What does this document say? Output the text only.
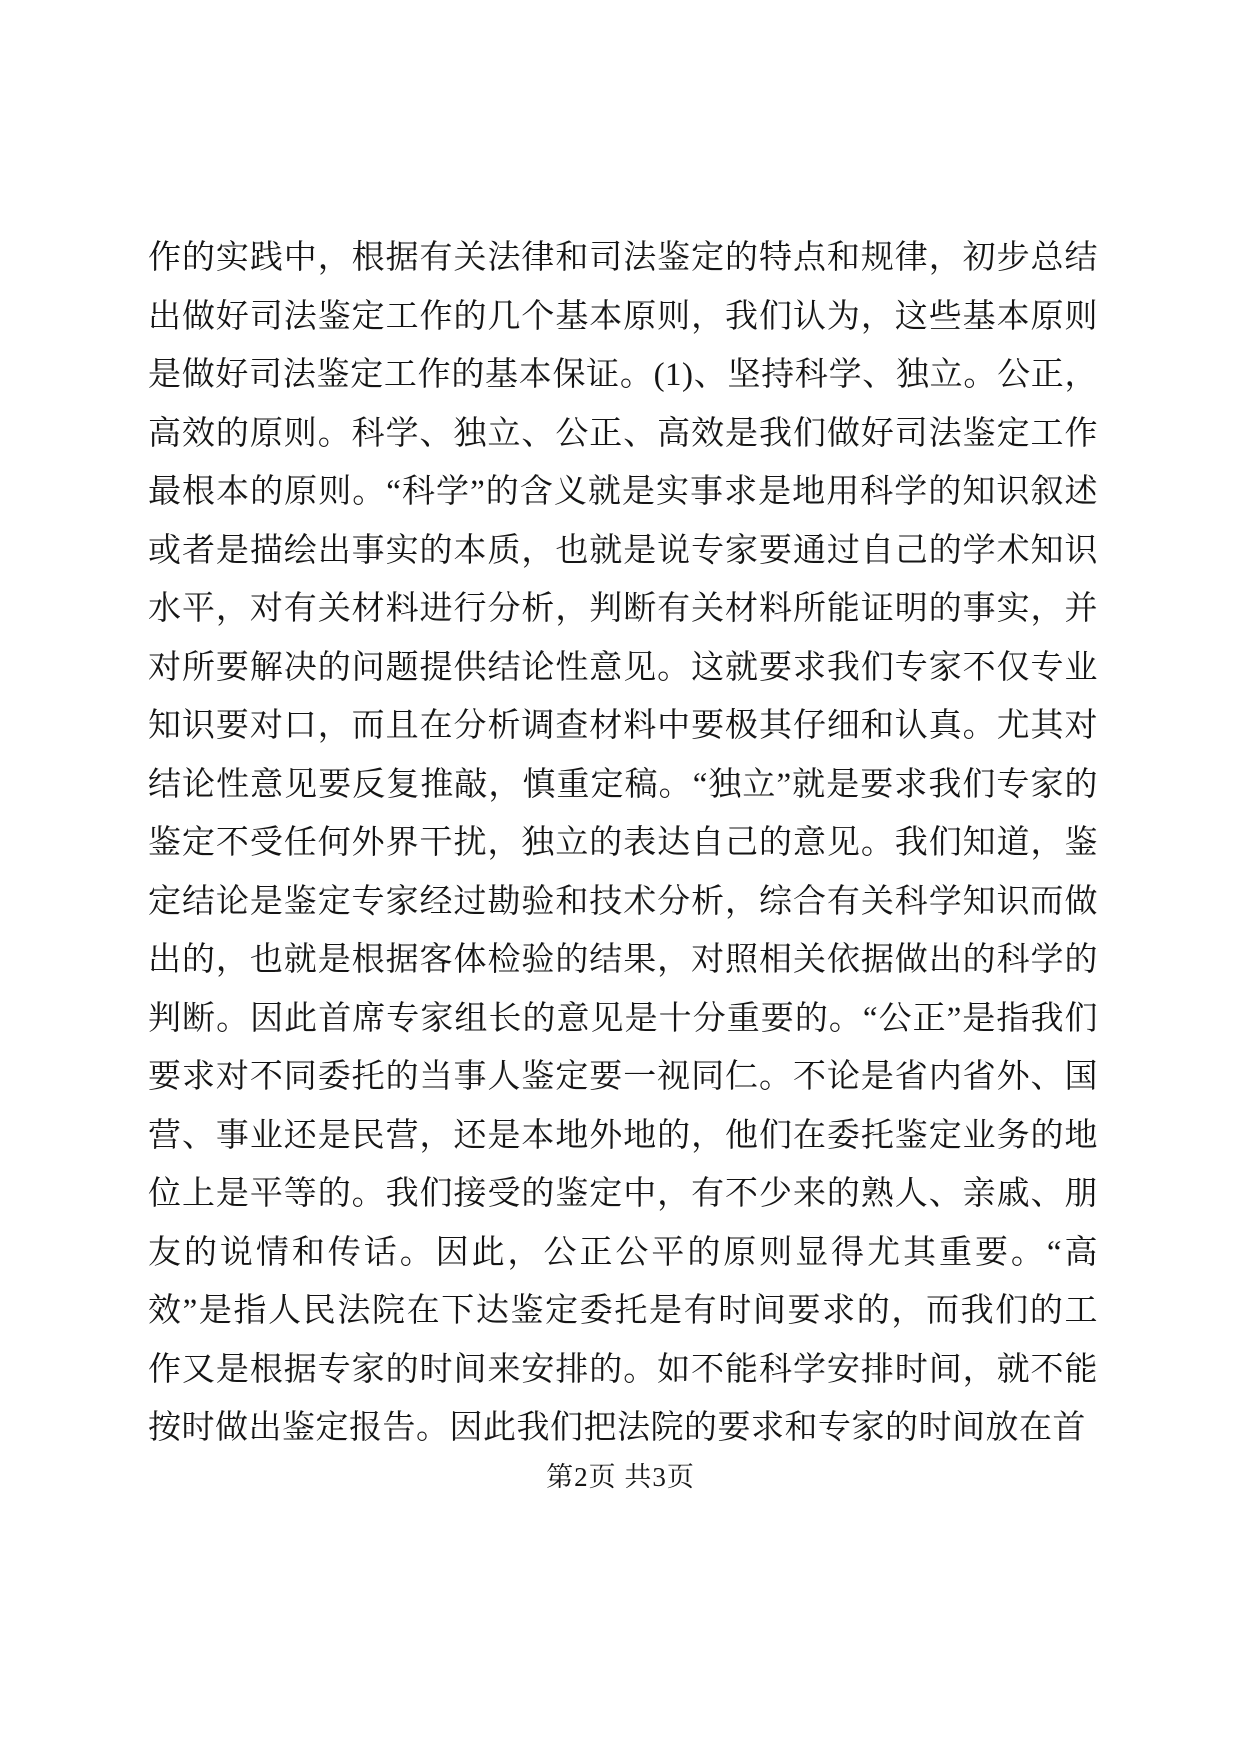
作的实践中，根据有关法律和司法鉴定的特点和规律，初步总结出做好司法鉴定工作的几个基本原则，我们认为，这些基本原则是做好司法鉴定工作的基本保证。(1)、坚持科学、独立。公正，高效的原则。科学、独立、公正、高效是我们做好司法鉴定工作最根本的原则。“科学”的含义就是实事求是地用科学的知识叙述或者是描绘出事实的本质，也就是说专家要通过自己的学术知识水平，对有关材料进行分析，判断有关材料所能证明的事实，并对所要解决的问题提供结论性意见。这就要求我们专家不仅专业知识要对口，而且在分析调查材料中要极其仔细和认真。尤其对结论性意见要反复推敲，慎重定稿。“独立”就是要求我们专家的鉴定不受任何外界干扰，独立的表达自己的意见。我们知道，鉴定结论是鉴定专家经过勘验和技术分析，综合有关科学知识而做出的，也就是根据客体检验的结果，对照相关依据做出的科学的判断。因此首席专家组长的意见是十分重要的。“公正”是指我们要求对不同委托的当事人鉴定要一视同仁。不论是省内省外、国营、事业还是民营，还是本地外地的，他们在委托鉴定业务的地位上是平等的。我们接受的鉴定中，有不少来的熟人、亲戚、朋友的说情和传话。因此，公正公平的原则显得尤其重要。“高效”是指人民法院在下达鉴定委托是有时间要求的，而我们的工作又是根据专家的时间来安排的。如不能科学安排时间，就不能按时做出鉴定报告。因此我们把法院的要求和专家的时间放在首

第2页 共3页
